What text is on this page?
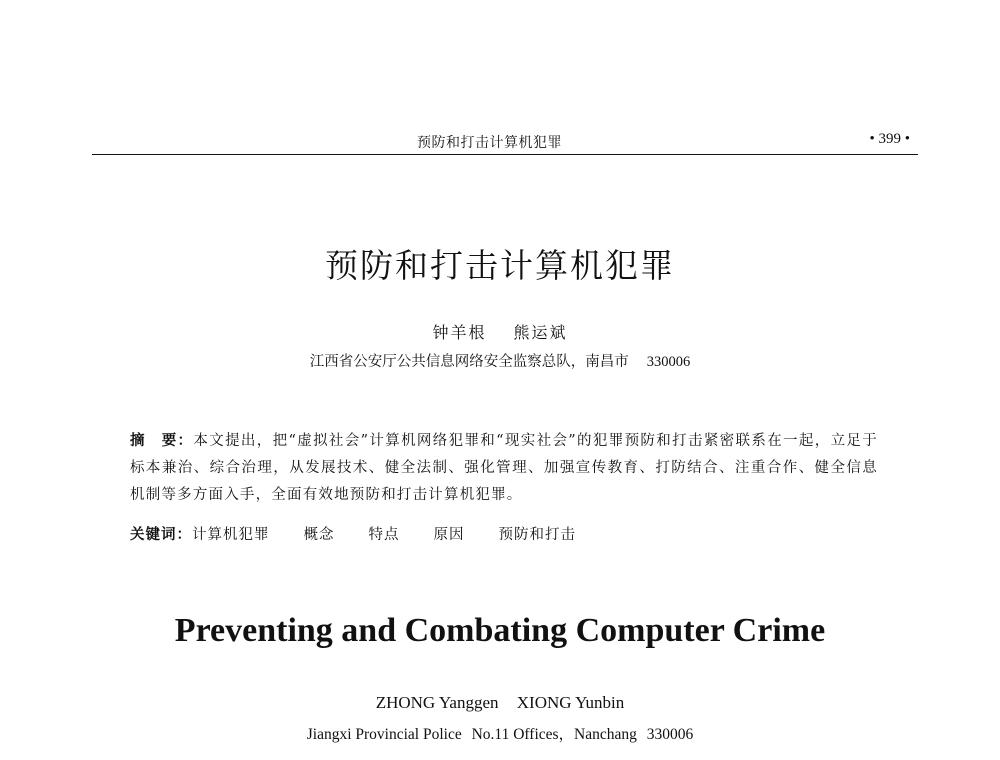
预防和打击计算机犯罪	• 399 •
预防和打击计算机犯罪
钟羊根 熊运斌
江西省公安厅公共信息网络安全监察总队，南昌市 330006
摘　要：本文提出，把“虚拟社会”计算机网络犯罪和“现实社会”的犯罪预防和打击紧密联系在一起，立足于标本兼治、综合治理，从发展技术、健全法制、强化管理、加强宣传教育、打防结合、注重合作、健全信息机制等多方面入手，全面有效地预防和打击计算机犯罪。
关键词：计算机犯罪 概念 特点 原因 预防和打击
Preventing and Combating Computer Crime
ZHONG Yanggen XIONG Yunbin
Jiangxi Provincial Police No.11 Offices，Nanchang 330006
